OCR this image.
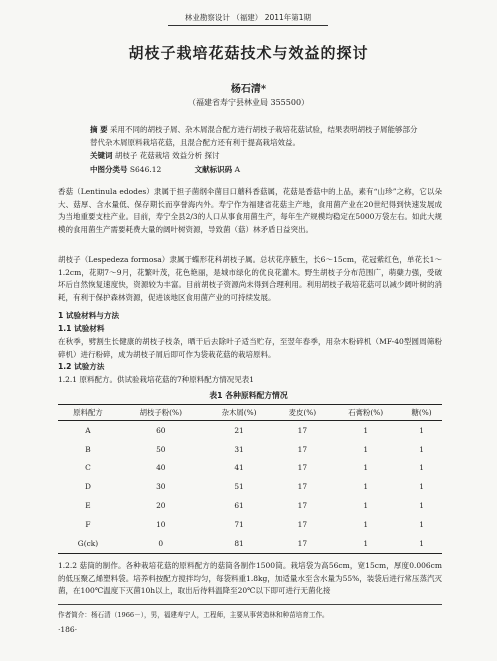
林业勘察设计 （福建） 2011年第1期
胡枝子栽培花菇技术与效益的探讨
杨石清*
（福建省寿宁县林业局 355500）
摘 要 采用不同的胡枝子屑、杂木屑混合配方进行胡枝子栽培花菇试验，结果表明胡枝子屑能够部分替代杂木屑原料栽培花菇，且混合配方还有利于提高栽培效益。
关键词 胡枝子 花菇栽培 效益分析 探讨
中图分类号 S646.12	文献标识码 A
香菇（Lentinula edodes）隶属于担子菌纲伞菌目口蘑科香菇属，花菇是香菇中的上品，素有“山珍”之称，它以朵大、菇厚、含水量低、保存期长而享誉海内外。寿宁作为福建省花菇主产地，食用菌产业在20世纪得到快速发展成为当地重要支柱产业。目前，寿宁全县2/3的人口从事食用菌生产，每年生产规模均稳定在5000万袋左右。如此大规模的食用菌生产需要耗费大量的阔叶树资源，导致菌（菇）林矛盾日益突出。
胡枝子（Lespedeza formosa）隶属于蝶形花科胡枝子属。总状花序腋生，长6～15cm，花冠紫红色，单花长1～1.2cm，花期7～9月，花繁叶茂，花色艳丽，是城市绿化的优良花灌木。野生胡枝子分布范围广，萌蘖力强，受破坏后自然恢复速度快，资源较为丰富。目前胡枝子资源尚未得到合理利用。利用胡枝子栽培花菇可以减少阔叶树的消耗，有利于保护森林资源，促进该地区食用菌产业的可持续发展。
1 试验材料与方法
1.1 试验材料
在秋季，劈割生长健康的胡枝子枝条，晒干后去除叶子适当贮存，至翌年春季，用杂木粉碎机（MF-40型圆周筛粉碎机）进行粉碎，成为胡枝子屑后即可作为袋栽花菇的栽培原料。
1.2 试验方法
1.2.1 原料配方。供试验栽培花菇的7种原料配方情况见表1
表1 各种原料配方情况
原料配方	胡枝子粉(%)	杂木屑(%)	麦皮(%)	石膏粉(%)	糖(%)
A	60	21	17	1	1
B	50	31	17	1	1
C	40	41	17	1	1
D	30	51	17	1	1
E	20	61	17	1	1
F	10	71	17	1	1
G(ck)	0	81	17	1	1
1.2.2 菇筒的制作。各种栽培花菇的原料配方的菇筒各制作1500筒。栽培袋为高56cm，宽15cm，厚度0.006cm的低压聚乙烯塑料袋。培养料按配方搅拌均匀，每袋料重1.8kg，加适量水至含水量为55%，装袋后进行常压蒸汽灭菌，在100℃温度下灭菌10h以上，取出后待料温降至20℃以下即可进行无菌化接
作者简介：杨石清（1966－），男，福建寿宁人，工程师，主要从事营造林和种苗培育工作。
·186·
